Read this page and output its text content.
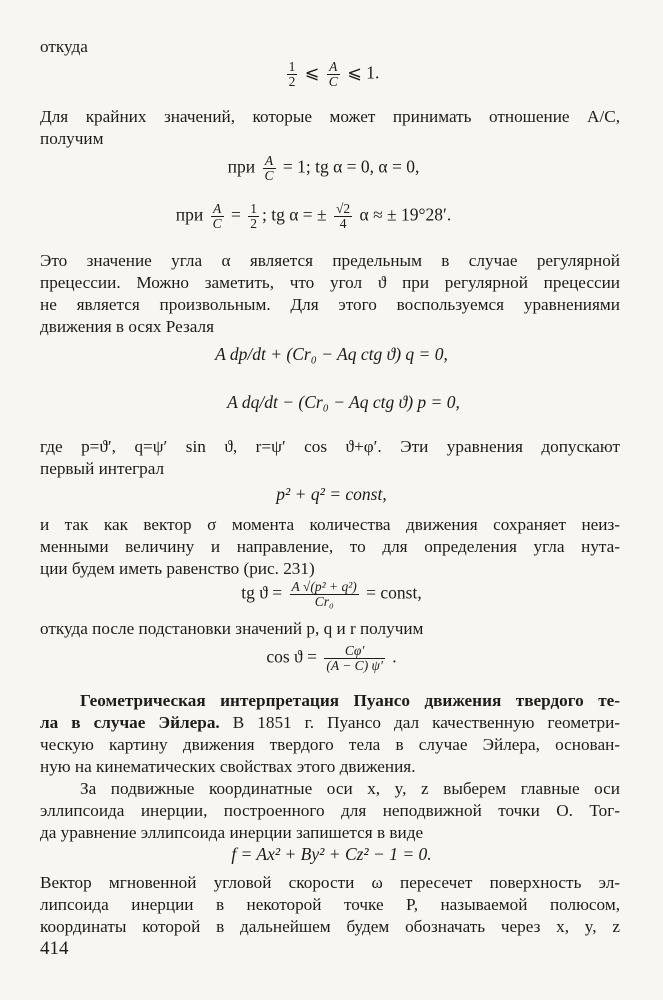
откуда
$\frac{1}{2}$ ⩽ $\frac{A}{C}$ ⩽ 1.
Для крайних значений, которые может принимать отношение A/C,
получим
при $\frac{A}{C} = 1$; tg α = 0, α = 0,
при $\frac{A}{C} = \frac{1}{2}$ ; tg α = ± $\frac{√2}{4}$ α ≈ ± 19°28′.
Это значение угла α является предельным в случае регулярной
прецессии. Можно заметить, что угол ϑ при регулярной прецессии
не является произвольным. Для этого воспользуемся уравнениями
движения в осях Резаля
A dp/dt + (Cr₀ − Aq ctg ϑ) q = 0,
A dq/dt − (Cr₀ − Aq ctg ϑ) p = 0,
где p=ϑ′, q=ψ′ sin ϑ, r=ψ′ cos ϑ+φ′. Эти уравнения допускают
первый интеграл
p² + q² = const,
и так как вектор σ момента количества движения сохраняет неиз-
менными величину и направление, то для определения угла нута-
ции будем иметь равенство (рис. 231)
tg $ϑ = \frac{\text{A √(p² + q²)}}{\text{Cr₀}}$ = const,
откуда после подстановки значений p, q и r получим
$\cos ϑ = \frac{C\varphi'}{(A - C) \psi'}$ .
Геометрическая интерпретация Пуансо движения твердого те-
ла в случае Эйлера. В 1851 г. Пуансо дал качественную геометри-
ческую картину движения твердого тела в случае Эйлера, основан-
ную на кинематических свойствах этого движения.
За подвижные координатные оси x, y, z выберем главные оси
эллипсоида инерции, построенного для неподвижной точки O. Тог-
да уравнение эллипсоида инерции запишется в виде
f = Ax² + By² + Cz² − 1 = 0.
Вектор мгновенной угловой скорости ω пересечет поверхность эл-
липсоида инерции в некоторой точке P, называемой полюсом,
координаты которой в дальнейшем будем обозначать через x, y, z
414
